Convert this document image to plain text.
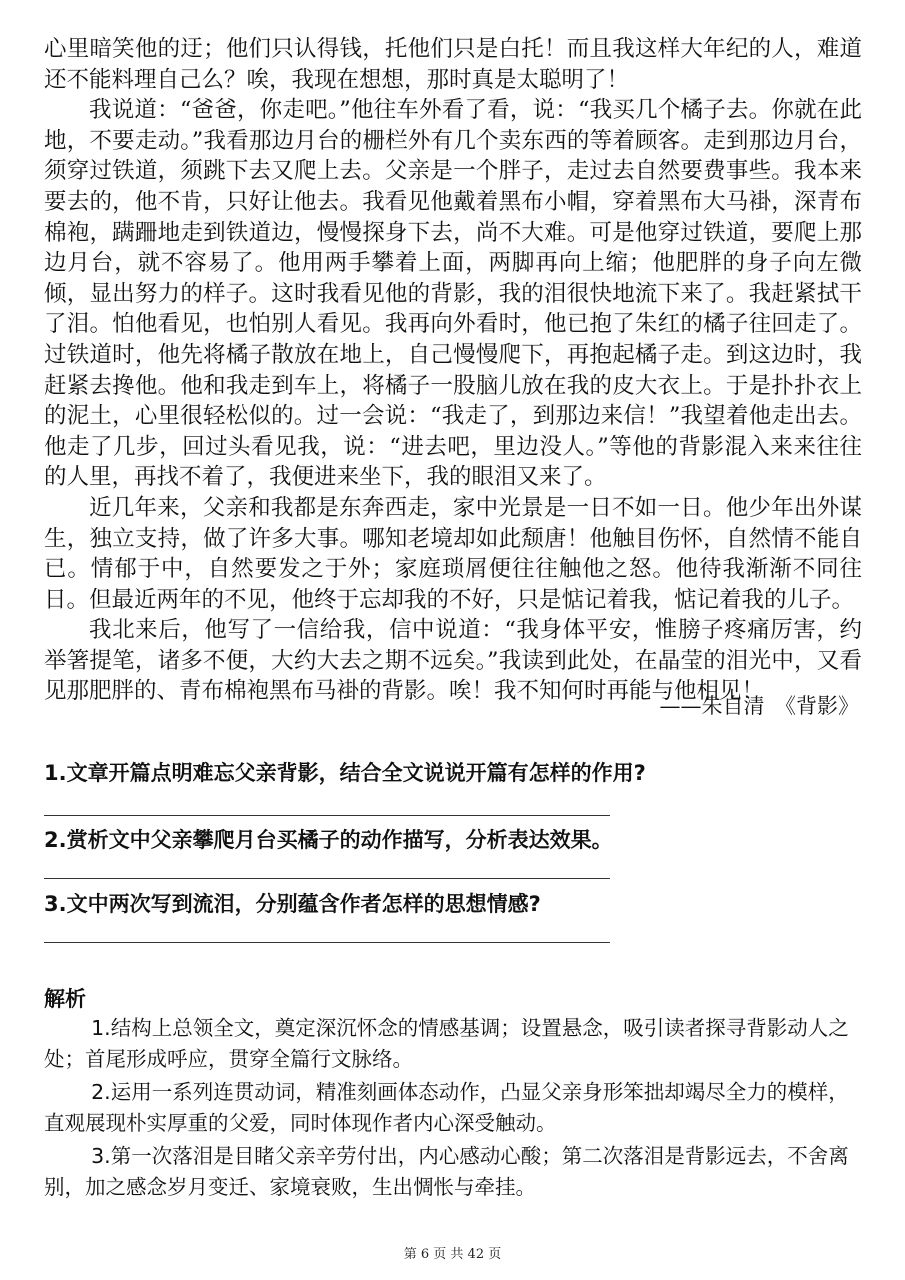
心里暗笑他的迂；他们只认得钱，托他们只是白托！而且我这样大年纪的人，难道还不能料理自己么？唉，我现在想想，那时真是太聪明了！

我说道：“爸爸，你走吧。”他往车外看了看，说：“我买几个橘子去。你就在此地，不要走动。”我看那边月台的栅栏外有几个卖东西的等着顾客。走到那边月台，须穿过铁道，须跳下去又爬上去。父亲是一个胖子，走过去自然要费事些。我本来要去的，他不肯，只好让他去。我看见他戴着黑布小帽，穿着黑布大马褂，深青布棉袍，蹒跚地走到铁道边，慢慢探身下去，尚不大难。可是他穿过铁道，要爬上那边月台，就不容易了。他用两手攀着上面，两脚再向上缩；他肥胖的身子向左微倾，显出努力的样子。这时我看见他的背影，我的泪很快地流下来了。我赶紧拭干了泪。怕他看见，也怕别人看见。我再向外看时，他已抱了朱红的橘子往回走了。过铁道时，他先将橘子散放在地上，自己慢慢爬下，再抱起橘子走。到这边时，我赶紧去搀他。他和我走到车上，将橘子一股脑儿放在我的皮大衣上。于是扑扑衣上的泥土，心里很轻松似的。过一会说：“我走了，到那边来信！”我望着他走出去。他走了几步，回过头看见我，说：“进去吧，里边没人。”等他的背影混入来来往往的人里，再找不着了，我便进来坐下，我的眼泪又来了。

近几年来，父亲和我都是东奔西走，家中光景是一日不如一日。他少年出外谋生，独立支持，做了许多大事。哪知老境却如此颓唐！他触目伤怀，自然情不能自已。情郁于中，自然要发之于外；家庭琐屑便往往触他之怒。他待我渐渐不同往日。但最近两年的不见，他终于忘却我的不好，只是惦记着我，惦记着我的儿子。

我北来后，他写了一信给我，信中说道：“我身体平安，惟膀子疼痛厉害，约举箸提笔，诸多不便，大约大去之期不远矣。”我读到此处，在晶莹的泪光中，又看见那肥胖的、青布棉袍黑布马褂的背影。唉！我不知何时再能与他相见！

——朱自清　《背影》
1.文章开篇点明难忘父亲背影，结合全文说说开篇有怎样的作用?
2.赏析文中父亲攀爬月台买橘子的动作描写，分析表达效果。
3.文中两次写到流泪，分别蕴含作者怎样的思想情感?
解析

1.结构上总领全文，奠定深沉怀念的情感基调；设置悬念，吸引读者探寻背影动人之处；首尾形成呼应，贯穿全篇行文脉络。

2.运用一系列连贯动词，精准刻画体态动作，凸显父亲身形笨拙却竭尽全力的模样，直观展现朴实厚重的父爱，同时体现作者内心深受触动。

3.第一次落泪是目睹父亲辛劳付出，内心感动心酸；第二次落泪是背影远去，不舍离别，加之感念岁月变迁、家境衰败，生出惆怅与牵挂。

第 6 页 共 42 页
